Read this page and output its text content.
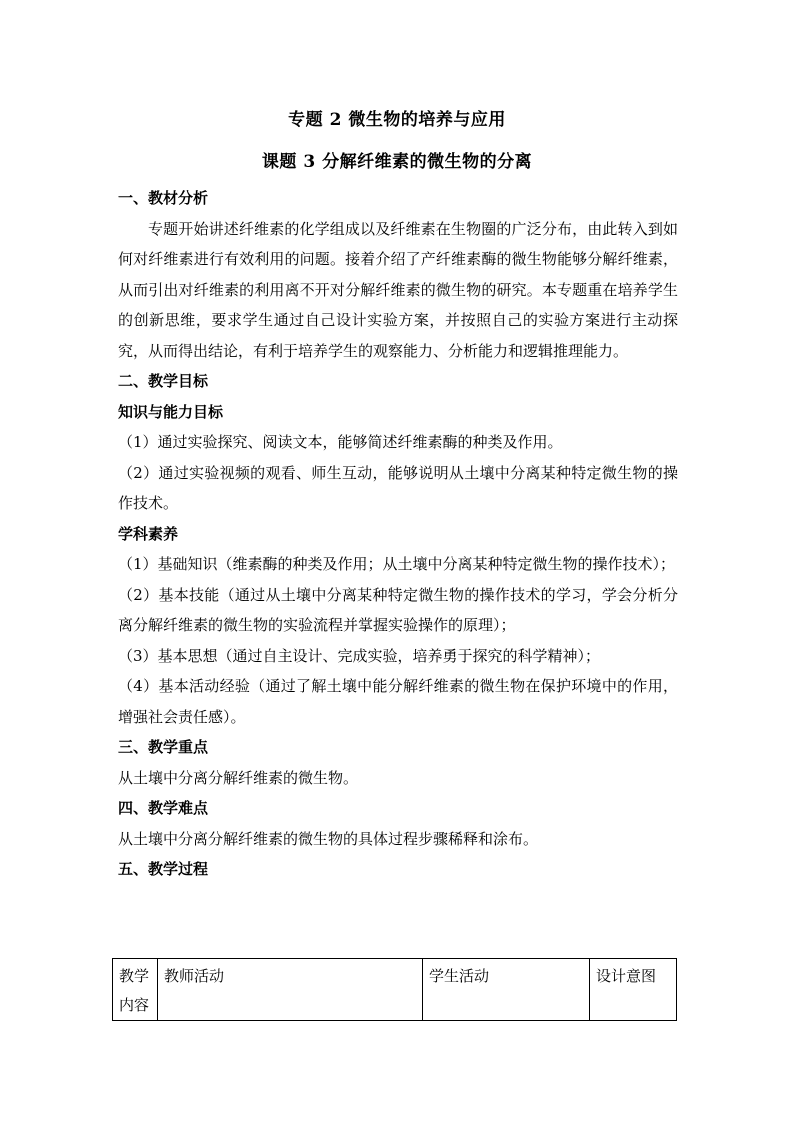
专题 2 微生物的培养与应用
课题 3 分解纤维素的微生物的分离

一、教材分析

专题开始讲述纤维素的化学组成以及纤维素在生物圈的广泛分布，由此转入到如何对纤维素进行有效利用的问题。接着介绍了产纤维素酶的微生物能够分解纤维素，从而引出对纤维素的利用离不开对分解纤维素的微生物的研究。本专题重在培养学生的创新思维，要求学生通过自己设计实验方案，并按照自己的实验方案进行主动探究，从而得出结论，有利于培养学生的观察能力、分析能力和逻辑推理能力。

二、教学目标

知识与能力目标

（1）通过实验探究、阅读文本，能够简述纤维素酶的种类及作用。

（2）通过实验视频的观看、师生互动，能够说明从土壤中分离某种特定微生物的操作技术。

学科素养

（1）基础知识（维素酶的种类及作用；从土壤中分离某种特定微生物的操作技术）；

（2）基本技能（通过从土壤中分离某种特定微生物的操作技术的学习，学会分析分离分解纤维素的微生物的实验流程并掌握实验操作的原理）；

（3）基本思想（通过自主设计、完成实验，培养勇于探究的科学精神）；

（4）基本活动经验（通过了解土壤中能分解纤维素的微生物在保护环境中的作用，增强社会责任感）。

三、教学重点

从土壤中分离分解纤维素的微生物。

四、教学难点

从土壤中分离分解纤维素的微生物的具体过程步骤稀释和涂布。

五、教学过程

教学内容	教师活动	学生活动	设计意图
